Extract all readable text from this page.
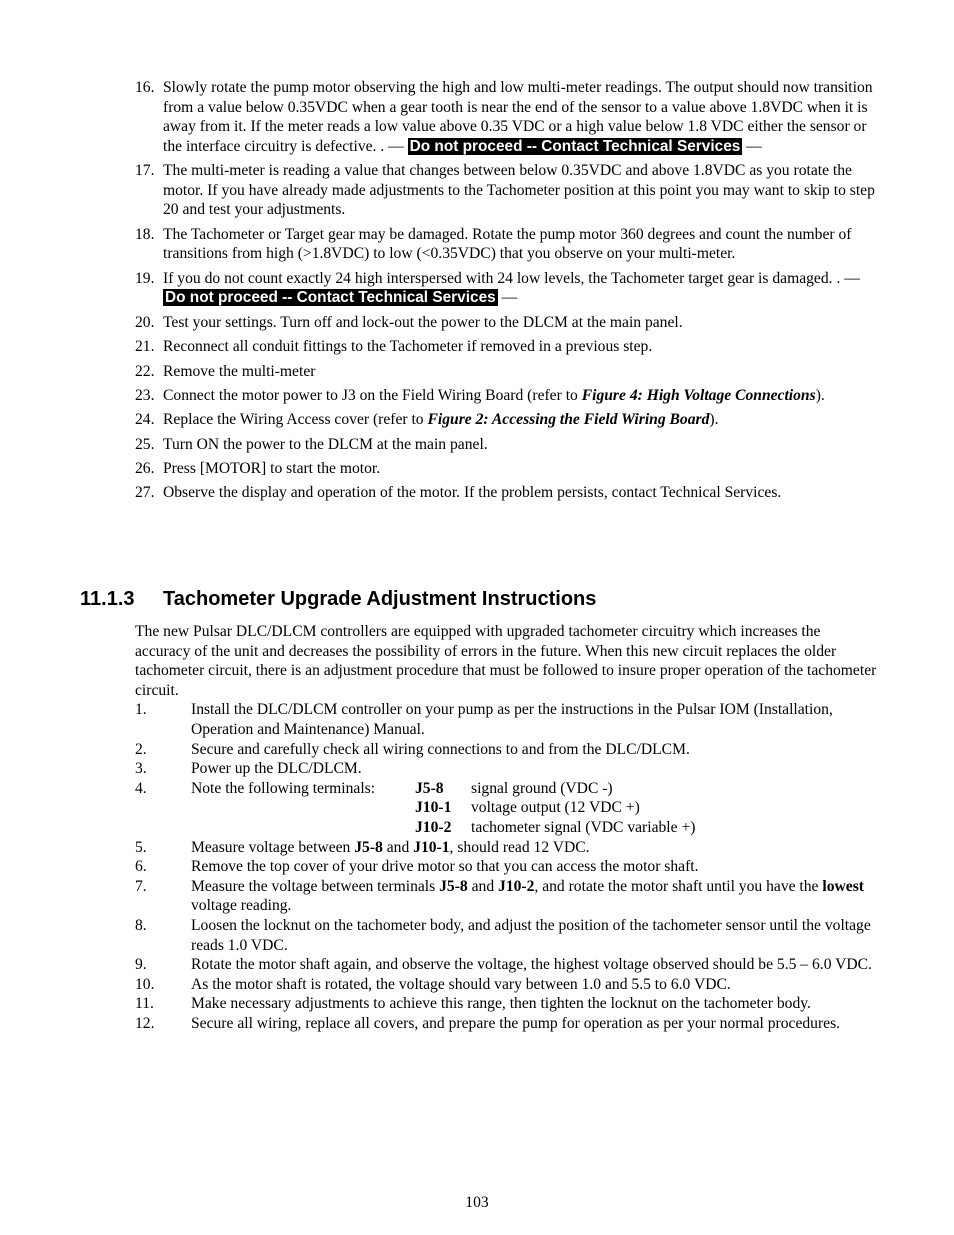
16. Slowly rotate the pump motor observing the high and low multi-meter readings. The output should now transition from a value below 0.35VDC when a gear tooth is near the end of the sensor to a value above 1.8VDC when it is away from it. If the meter reads a low value above 0.35 VDC or a high value below 1.8 VDC either the sensor or the interface circuitry is defective. . — Do not proceed -- Contact Technical Services —
17. The multi-meter is reading a value that changes between below 0.35VDC and above 1.8VDC as you rotate the motor. If you have already made adjustments to the Tachometer position at this point you may want to skip to step 20 and test your adjustments.
18. The Tachometer or Target gear may be damaged. Rotate the pump motor 360 degrees and count the number of transitions from high (>1.8VDC) to low (<0.35VDC) that you observe on your multi-meter.
19. If you do not count exactly 24 high interspersed with 24 low levels, the Tachometer target gear is damaged. . — Do not proceed -- Contact Technical Services —
20. Test your settings. Turn off and lock-out the power to the DLCM at the main panel.
21. Reconnect all conduit fittings to the Tachometer if removed in a previous step.
22. Remove the multi-meter
23. Connect the motor power to J3 on the Field Wiring Board (refer to Figure 4: High Voltage Connections).
24. Replace the Wiring Access cover (refer to Figure 2: Accessing the Field Wiring Board).
25. Turn ON the power to the DLCM at the main panel.
26. Press [MOTOR] to start the motor.
27. Observe the display and operation of the motor. If the problem persists, contact Technical Services.
11.1.3 Tachometer Upgrade Adjustment Instructions

The new Pulsar DLC/DLCM controllers are equipped with upgraded tachometer circuitry which increases the accuracy of the unit and decreases the possibility of errors in the future. When this new circuit replaces the older tachometer circuit, there is an adjustment procedure that must be followed to insure proper operation of the tachometer circuit.

1.	Install the DLC/DLCM controller on your pump as per the instructions in the Pulsar IOM (Installation, Operation and Maintenance) Manual.
2.	Secure and carefully check all wiring connections to and from the DLC/DLCM.
3.	Power up the DLC/DLCM.
4.	Note the following terminals:	J5-8	signal ground (VDC -)
J10-1	voltage output (12 VDC +)
J10-2	tachometer signal (VDC variable +)
5.	Measure voltage between J5-8 and J10-1, should read 12 VDC.
6.	Remove the top cover of your drive motor so that you can access the motor shaft.
7.	Measure the voltage between terminals J5-8 and J10-2, and rotate the motor shaft until you have the lowest voltage reading.
8.	Loosen the locknut on the tachometer body, and adjust the position of the tachometer sensor until the voltage reads 1.0 VDC.
9.	Rotate the motor shaft again, and observe the voltage, the highest voltage observed should be 5.5 – 6.0 VDC.
10.	As the motor shaft is rotated, the voltage should vary between 1.0 and 5.5 to 6.0 VDC.
11.	Make necessary adjustments to achieve this range, then tighten the locknut on the tachometer body.
12.	Secure all wiring, replace all covers, and prepare the pump for operation as per your normal procedures.
103
